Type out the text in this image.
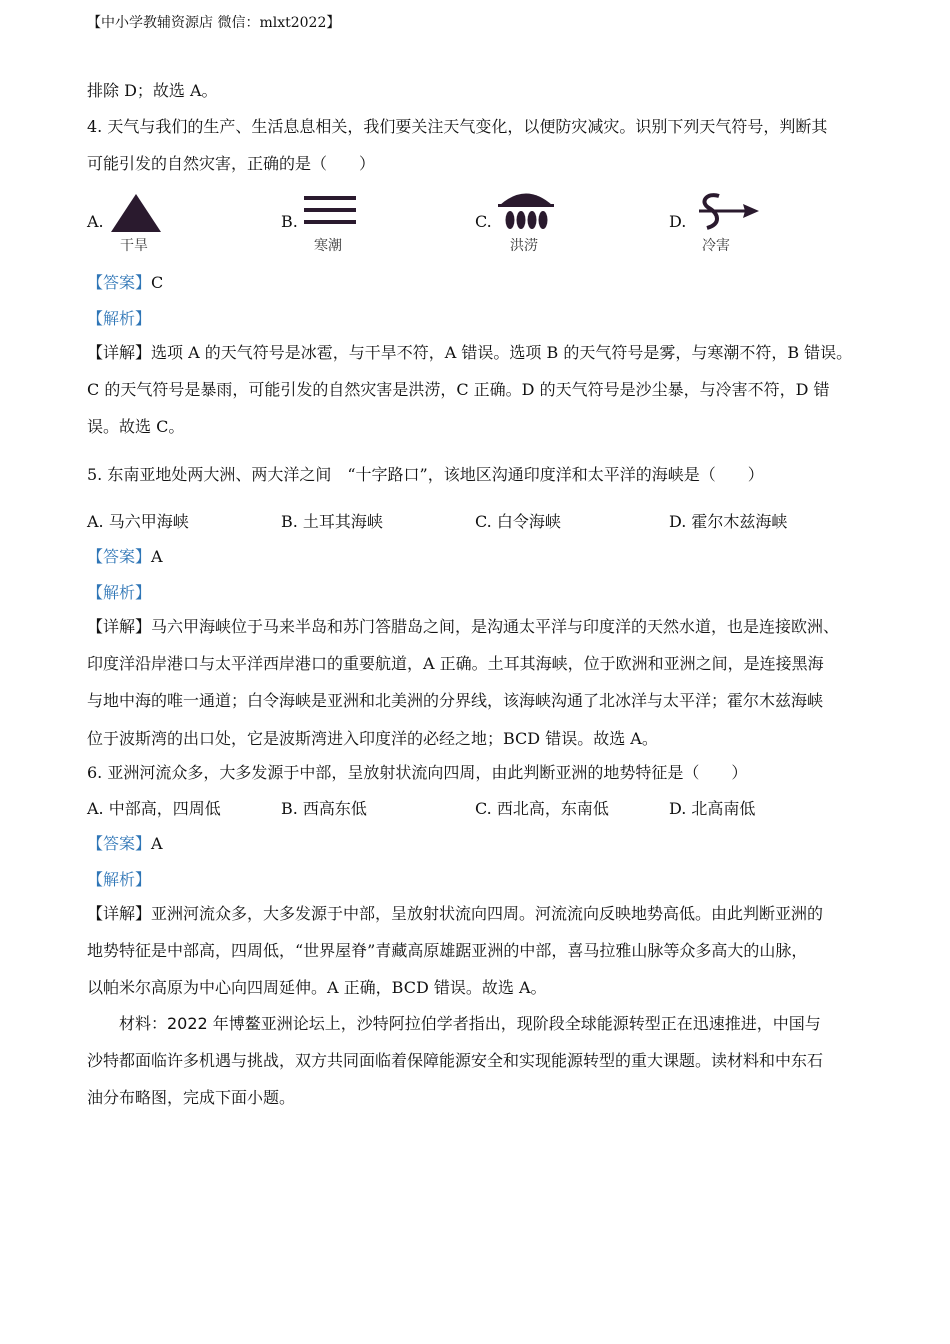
【中小学教辅资源店 微信：mlxt2022】
排除 D；故选 A。
4. 天气与我们的生产、生活息息相关，我们要关注天气变化，以便防灾减灾。识别下列天气符号，判断其
可能引发的自然灾害，正确的是（　　）
A.
干旱
B.
寒潮
C.
洪涝
D.
冷害
【答案】C
【解析】
【详解】选项 A 的天气符号是冰雹，与干旱不符，A 错误。选项 B 的天气符号是雾，与寒潮不符，B 错误。
C 的天气符号是暴雨，可能引发的自然灾害是洪涝，C 正确。D 的天气符号是沙尘暴，与冷害不符，D 错
误。故选 C。
5. 东南亚地处两大洲、两大洋之间　“十字路口”，该地区沟通印度洋和太平洋的海峡是（　　）
A. 马六甲海峡	B. 土耳其海峡	C. 白令海峡	D. 霍尔木兹海峡
【答案】A
【解析】
【详解】马六甲海峡位于马来半岛和苏门答腊岛之间，是沟通太平洋与印度洋的天然水道，也是连接欧洲、
印度洋沿岸港口与太平洋西岸港口的重要航道，A 正确。土耳其海峡，位于欧洲和亚洲之间，是连接黑海
与地中海的唯一通道；白令海峡是亚洲和北美洲的分界线，该海峡沟通了北冰洋与太平洋；霍尔木兹海峡
位于波斯湾的出口处，它是波斯湾进入印度洋的必经之地；BCD 错误。故选 A。
6. 亚洲河流众多，大多发源于中部，呈放射状流向四周，由此判断亚洲的地势特征是（　　）
A. 中部高，四周低	B. 西高东低	C. 西北高，东南低	D. 北高南低
【答案】A
【解析】
【详解】亚洲河流众多，大多发源于中部，呈放射状流向四周。河流流向反映地势高低。由此判断亚洲的
地势特征是中部高，四周低，“世界屋脊”青藏高原雄踞亚洲的中部，喜马拉雅山脉等众多高大的山脉，
以帕米尔高原为中心向四周延伸。A 正确，BCD 错误。故选 A。
　　材料：2022 年博鳌亚洲论坛上，沙特阿拉伯学者指出，现阶段全球能源转型正在迅速推进，中国与
沙特都面临许多机遇与挑战，双方共同面临着保障能源安全和实现能源转型的重大课题。读材料和中东石
油分布略图，完成下面小题。
